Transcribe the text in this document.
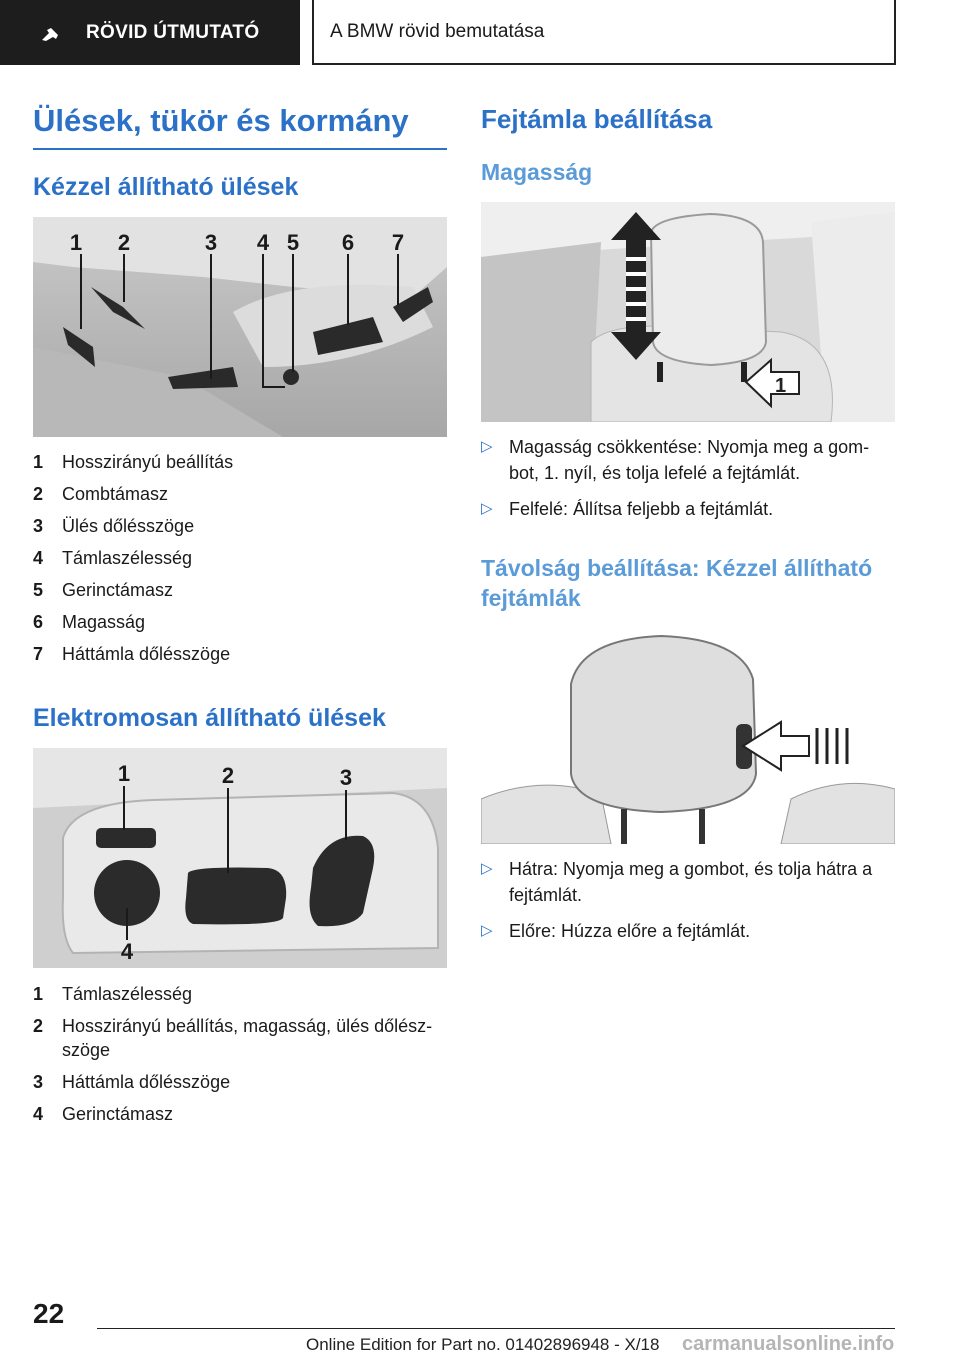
RÖVID ÚTMUTATÓ	A BMW rövid bemutatása
Ülések, tükör és kormány
Kézzel állítható ülések
1 2	3 4 5 6 7
1	Hosszirányú beállítás
2	Combtámasz
3	Ülés dőlésszöge
4	Támlaszélesség
5	Gerinctámasz
6	Magasság
7	Háttámla dőlésszöge
Elektromosan állítható ülések
1	2	3
4
1	Támlaszélesség
2	Hosszirányú beállítás, magasság, ülés dőlész- szöge
3	Háttámla dőlésszöge
4	Gerinctámasz
Fejtámla beállítása
Magasság
1
▷ Magasság csökkentése: Nyomja meg a gom- bot, 1. nyíl, és tolja lefelé a fejtámlát.
▷ Felfelé: Állítsa feljebb a fejtámlát.
Távolság beállítása: Kézzel állítható fejtámlák
▷ Hátra: Nyomja meg a gombot, és tolja hátra a fejtámlát.
▷ Előre: Húzza előre a fejtámlát.
22
Online Edition for Part no. 01402896948 - X/18 carmanualsonline.info
